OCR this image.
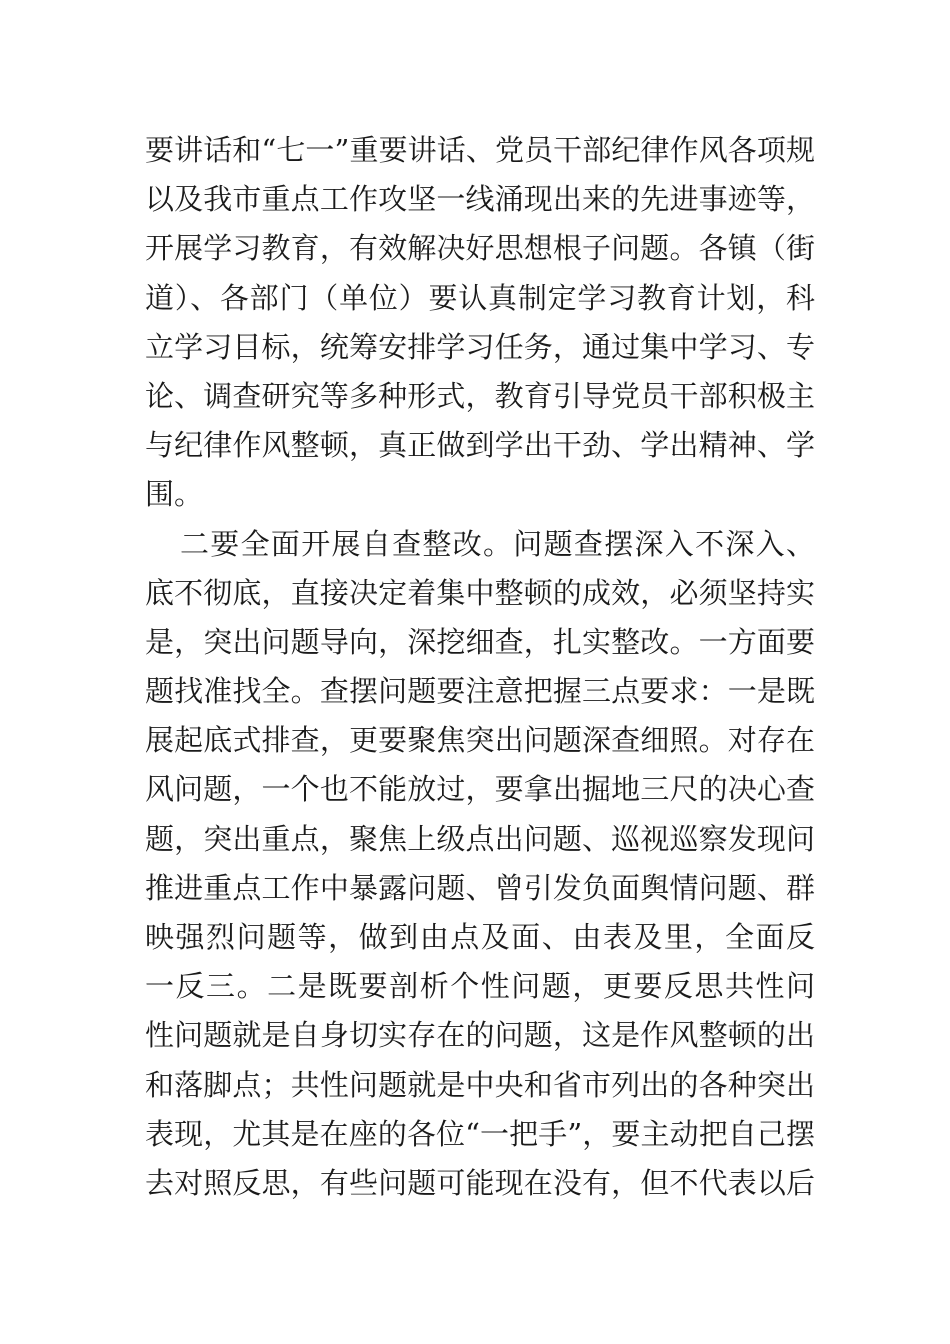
要讲话和“七一”重要讲话、党员干部纪律作风各项规
以及我市重点工作攻坚一线涌现出来的先进事迹等，
开展学习教育，有效解决好思想根子问题。各镇（街
道）、各部门（单位）要认真制定学习教育计划，科
立学习目标，统筹安排学习任务，通过集中学习、专
论、调查研究等多种形式，教育引导党员干部积极主
与纪律作风整顿，真正做到学出干劲、学出精神、学
围。
二要全面开展自查整改。问题查摆深入不深入、
底不彻底，直接决定着集中整顿的成效，必须坚持实
是，突出问题导向，深挖细查，扎实整改。一方面要
题找准找全。查摆问题要注意把握三点要求：一是既
展起底式排查，更要聚焦突出问题深查细照。对存在
风问题，一个也不能放过，要拿出掘地三尺的决心查
题，突出重点，聚焦上级点出问题、巡视巡察发现问
推进重点工作中暴露问题、曾引发负面舆情问题、群
映强烈问题等，做到由点及面、由表及里，全面反
一反三。二是既要剖析个性问题，更要反思共性问
性问题就是自身切实存在的问题，这是作风整顿的出
和落脚点；共性问题就是中央和省市列出的各种突出
表现，尤其是在座的各位“一把手”，要主动把自己摆
去对照反思，有些问题可能现在没有，但不代表以后
